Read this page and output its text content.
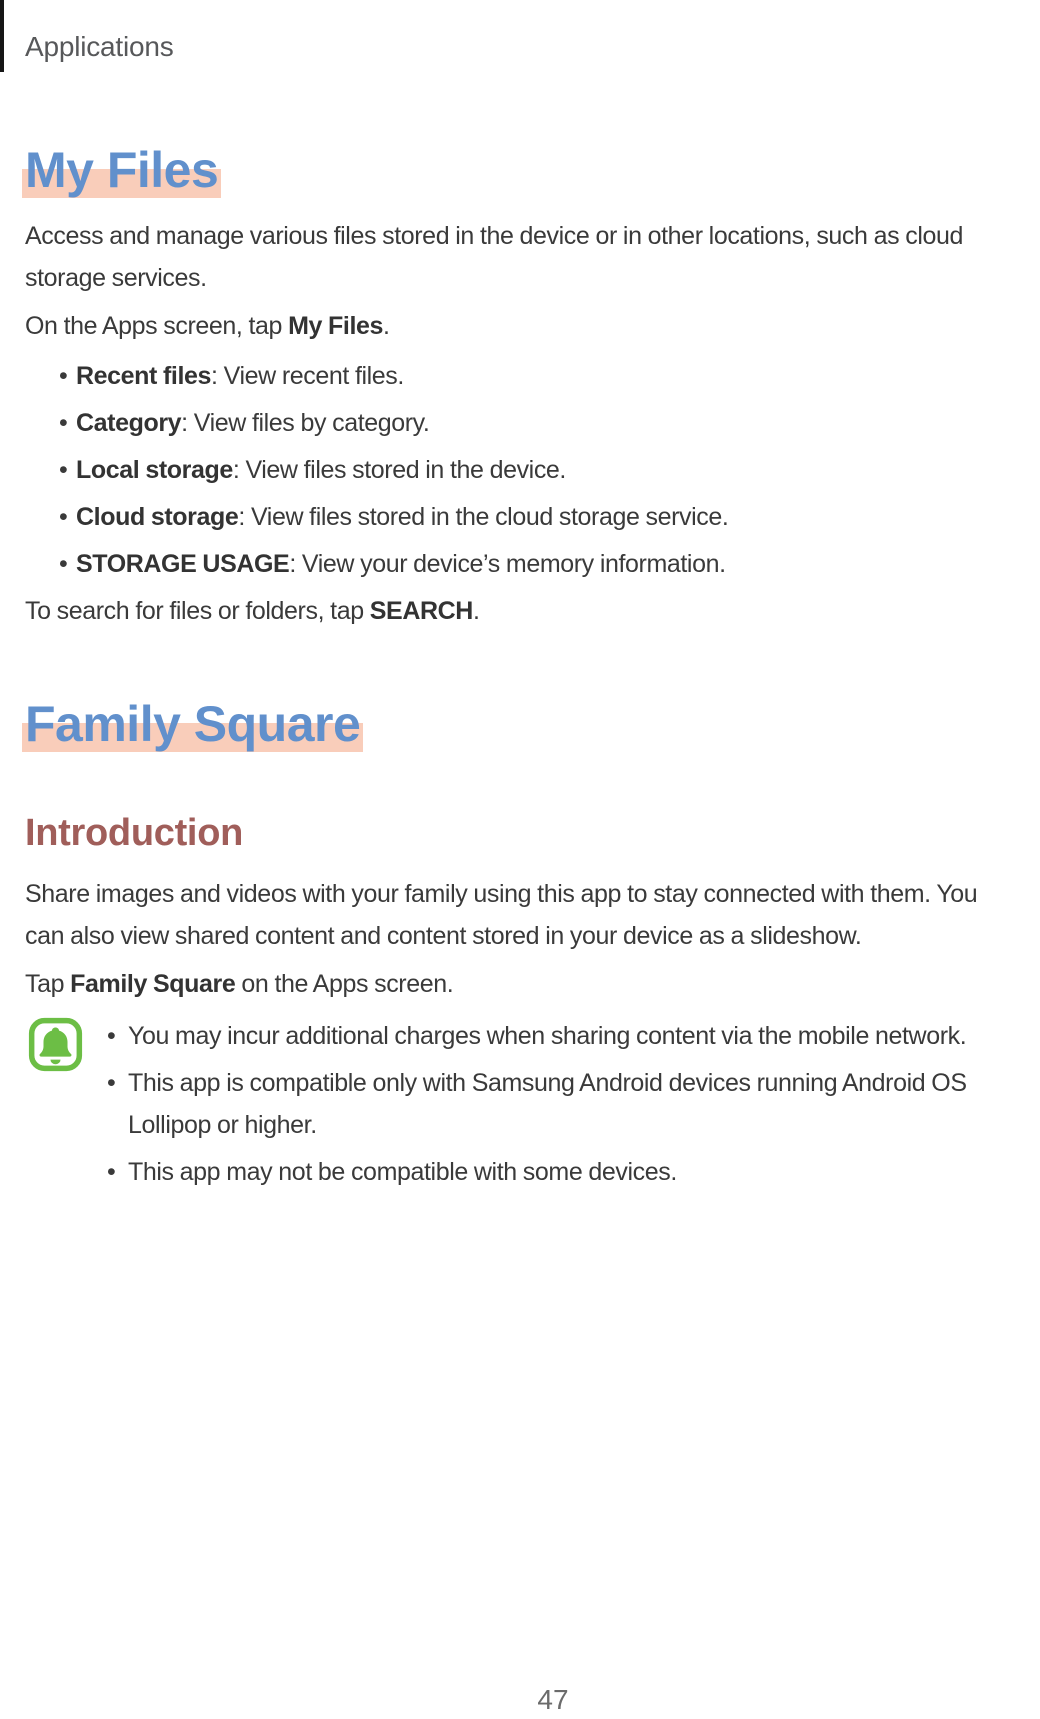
Applications
My Files

Access and manage various files stored in the device or in other locations, such as cloud storage services.

On the Apps screen, tap My Files.

• Recent files: View recent files.
• Category: View files by category.
• Local storage: View files stored in the device.
• Cloud storage: View files stored in the cloud storage service.
• STORAGE USAGE: View your device’s memory information.

To search for files or folders, tap SEARCH.

Family Square
Introduction

Share images and videos with your family using this app to stay connected with them. You can also view shared content and content stored in your device as a slideshow.

Tap Family Square on the Apps screen.

• You may incur additional charges when sharing content via the mobile network.
• This app is compatible only with Samsung Android devices running Android OS Lollipop or higher.
• This app may not be compatible with some devices.
47
